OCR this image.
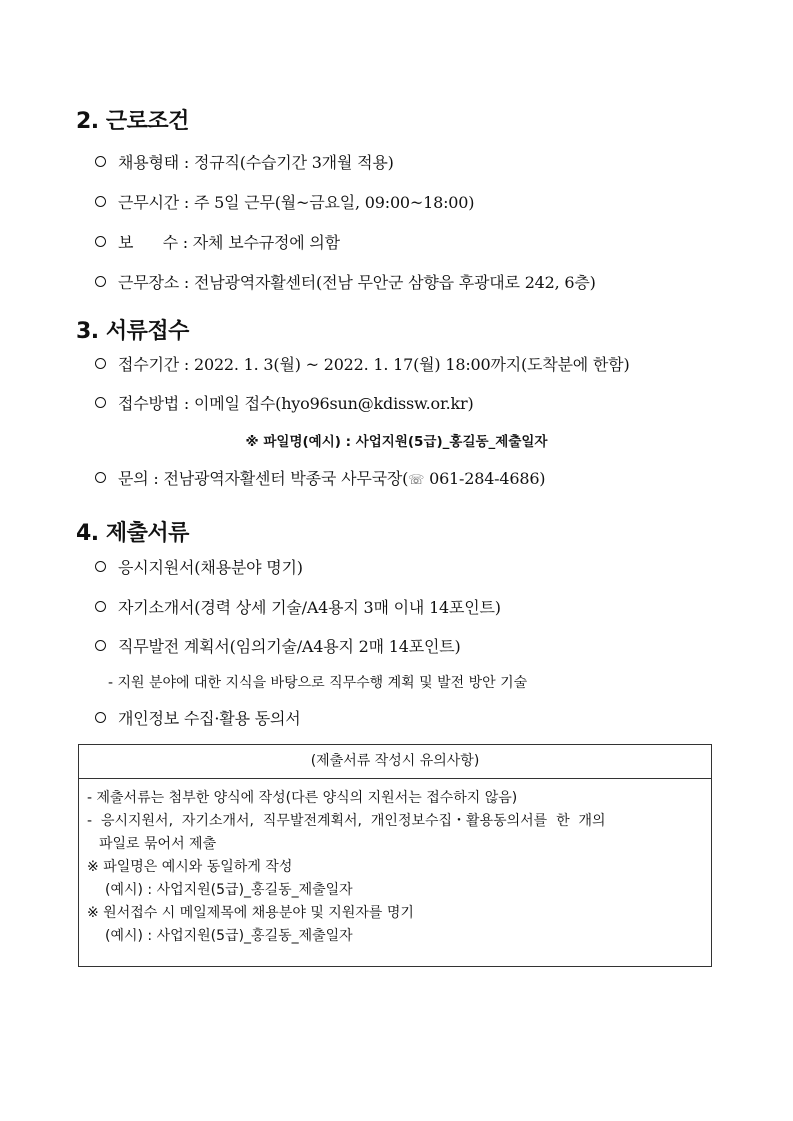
2. 근로조건
채용형태 : 정규직(수습기간 3개월 적용)
근무시간 : 주 5일 근무(월~금요일, 09:00~18:00)
보      수 : 자체 보수규정에 의함
근무장소 : 전남광역자활센터(전남 무안군 삼향읍 후광대로 242, 6층)
3. 서류접수
접수기간 : 2022. 1. 3(월) ~ 2022. 1. 17(월) 18:00까지(도착분에 한함)
접수방법 : 이메일 접수(hyo96sun@kdissw.or.kr)
※ 파일명(예시) : 사업지원(5급)_홍길동_제출일자
문의 : 전남광역자활센터 박종국 사무국장(☏ 061-284-4686)
4. 제출서류
응시지원서(채용분야 명기)
자기소개서(경력 상세 기술/A4용지 3매 이내 14포인트)
직무발전 계획서(임의기술/A4용지 2매 14포인트)
- 지원 분야에 대한 지식을 바탕으로 직무수행 계획 및 발전 방안 기술
개인정보 수집·활용 동의서
(제출서류 작성시 유의사항)
- 제출서류는 첨부한 양식에 작성(다른 양식의 지원서는 접수하지 않음)
-  응시지원서,  자기소개서,  직무발전계획서,  개인정보수집・활용동의서를  한  개의
파일로 묶어서 제출
※ 파일명은 예시와 동일하게 작성
(예시) : 사업지원(5급)_홍길동_제출일자
※ 원서접수 시 메일제목에 채용분야 및 지원자를 명기
(예시) : 사업지원(5급)_홍길동_제출일자
